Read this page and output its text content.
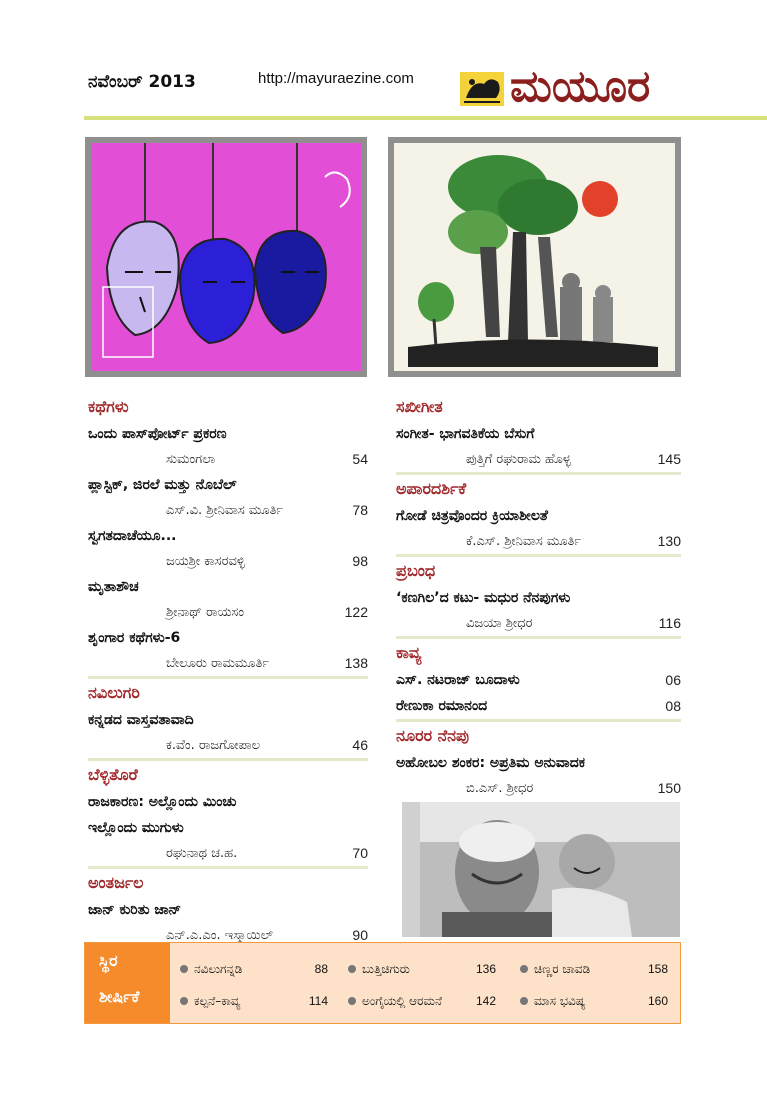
ನವೆಂಬರ್ 2013	http://mayuraezine.com ಮಯೂರ
ಕಥೆಗಳು
ಒಂದು ಪಾಸ್‌ಪೋರ್ಟ್ ಪ್ರಕರಣ
ಸುಮಂಗಲಾ	54
ಪ್ಲಾಸ್ಟಿಕ್, ಜಿರಲೆ ಮತ್ತು ನೊಬೆಲ್
ಎಸ್.ವಿ. ಶ್ರೀನಿವಾಸ ಮೂರ್ತಿ	78
ಸ್ವಗತದಾಚೆಯೂ...
ಜಯಶ್ರೀ ಕಾಸರವಳ್ಳಿ	98
ಮೃತಾಶೌಚ
ಶ್ರೀನಾಥ್ ರಾಯಸಂ	122
ಶೃಂಗಾರ ಕಥೆಗಳು-6
ಬೇಲೂರು ರಾಮಮೂರ್ತಿ	138
ನವಿಲುಗರಿ
ಕನ್ನಡದ ವಾಸ್ತವತಾವಾದಿ
ಕ.ವೆಂ. ರಾಜಗೋಪಾಲ	46
ಬೆಳ್ಳಿತೊರೆ
ರಾಜಕಾರಣ: ಅಲ್ಲೊಂದು ಮಿಂಚು
ಇಲ್ಲೊಂದು ಮುಗುಳು
ರಘುನಾಥ ಚ.ಹ.	70
ಅಂತರ್ಜಲ
ಜಾನ್ ಕುರಿತು ಜಾನ್
ಎನ್.ಎ.ಎಂ. ಇಸ್ಮಾಯಿಲ್	90
ಸಖೀಗೀತ
ಸಂಗೀತ- ಭಾಗವತಿಕೆಯ ಬೆಸುಗೆ
ಪುತ್ತಿಗೆ ರಘುರಾಮ ಹೊಳ್ಳ	145
ಅಪಾರದರ್ಶಿಕೆ
ಗೋಡೆ ಚಿತ್ರವೊಂದರ ಕ್ರಿಯಾಶೀಲತೆ
ಕೆ.ಎಸ್. ಶ್ರೀನಿವಾಸ ಮೂರ್ತಿ	130
ಪ್ರಬಂಧ
‘ಕಣಗಿಲ’ದ ಕಟು- ಮಧುರ ನೆನಪುಗಳು
ವಿಜಯಾ ಶ್ರೀಧರ	116
ಕಾವ್ಯ
ಎಸ್. ನಟರಾಜ್ ಬೂದಾಳು	06
ರೇಣುಕಾ ರಮಾನಂದ	08
ನೂರರ ನೆನಪು
ಅಹೋಬಲ ಶಂಕರ: ಅಪ್ರತಿಮ ಅನುವಾದಕ
ಬಿ.ಎಸ್. ಶ್ರೀಧರ	150
ಸ್ಥಿರ
ಶೀರ್ಷಿಕೆ
ನವಿಲುಗನ್ನಡಿ	88	ಬುತ್ತಿಚಿಗುರು	136	ಚಿಣ್ಣರ ಚಾವಡಿ	158
ಕಲ್ಪನೆ–ಕಾವ್ಯ	114	ಅಂಗೈಯಲ್ಲಿ ಆರಮನೆ	142	ಮಾಸ ಭವಿಷ್ಯ	160
